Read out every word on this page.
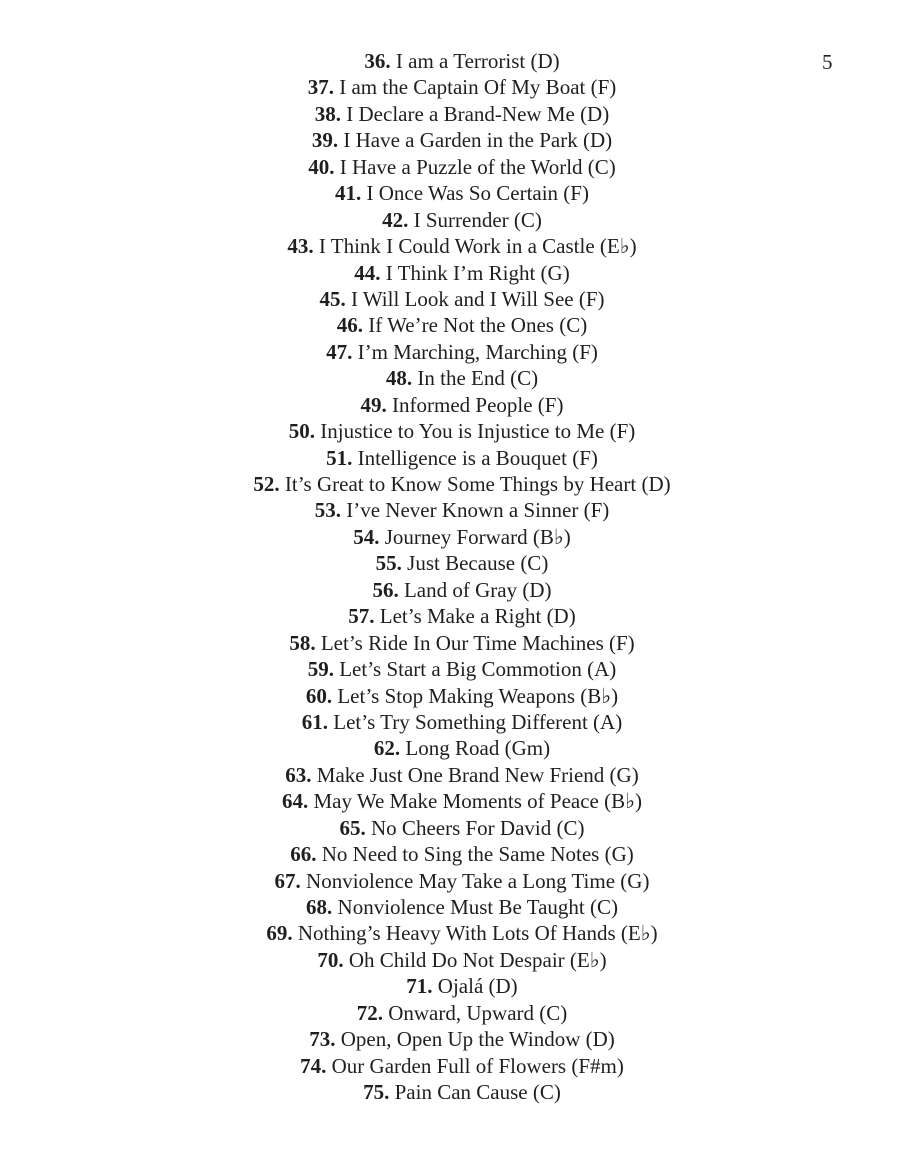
5
36. I am a Terrorist (D)
37. I am the Captain Of My Boat (F)
38. I Declare a Brand-New Me (D)
39. I Have a Garden in the Park (D)
40. I Have a Puzzle of the World (C)
41. I Once Was So Certain (F)
42. I Surrender (C)
43. I Think I Could Work in a Castle (E♭)
44. I Think I’m Right (G)
45. I Will Look and I Will See (F)
46. If We’re Not the Ones (C)
47. I’m Marching, Marching (F)
48. In the End (C)
49. Informed People (F)
50. Injustice to You is Injustice to Me (F)
51. Intelligence is a Bouquet (F)
52. It’s Great to Know Some Things by Heart (D)
53. I’ve Never Known a Sinner (F)
54. Journey Forward (B♭)
55. Just Because (C)
56. Land of Gray (D)
57. Let’s Make a Right (D)
58. Let’s Ride In Our Time Machines (F)
59. Let’s Start a Big Commotion (A)
60. Let’s Stop Making Weapons (B♭)
61. Let’s Try Something Different (A)
62. Long Road (Gm)
63. Make Just One Brand New Friend (G)
64. May We Make Moments of Peace (B♭)
65. No Cheers For David (C)
66. No Need to Sing the Same Notes (G)
67. Nonviolence May Take a Long Time (G)
68. Nonviolence Must Be Taught (C)
69. Nothing’s Heavy With Lots Of Hands (E♭)
70. Oh Child Do Not Despair (E♭)
71. Ojalá (D)
72. Onward, Upward (C)
73. Open, Open Up the Window (D)
74. Our Garden Full of Flowers (F#m)
75. Pain Can Cause (C)
